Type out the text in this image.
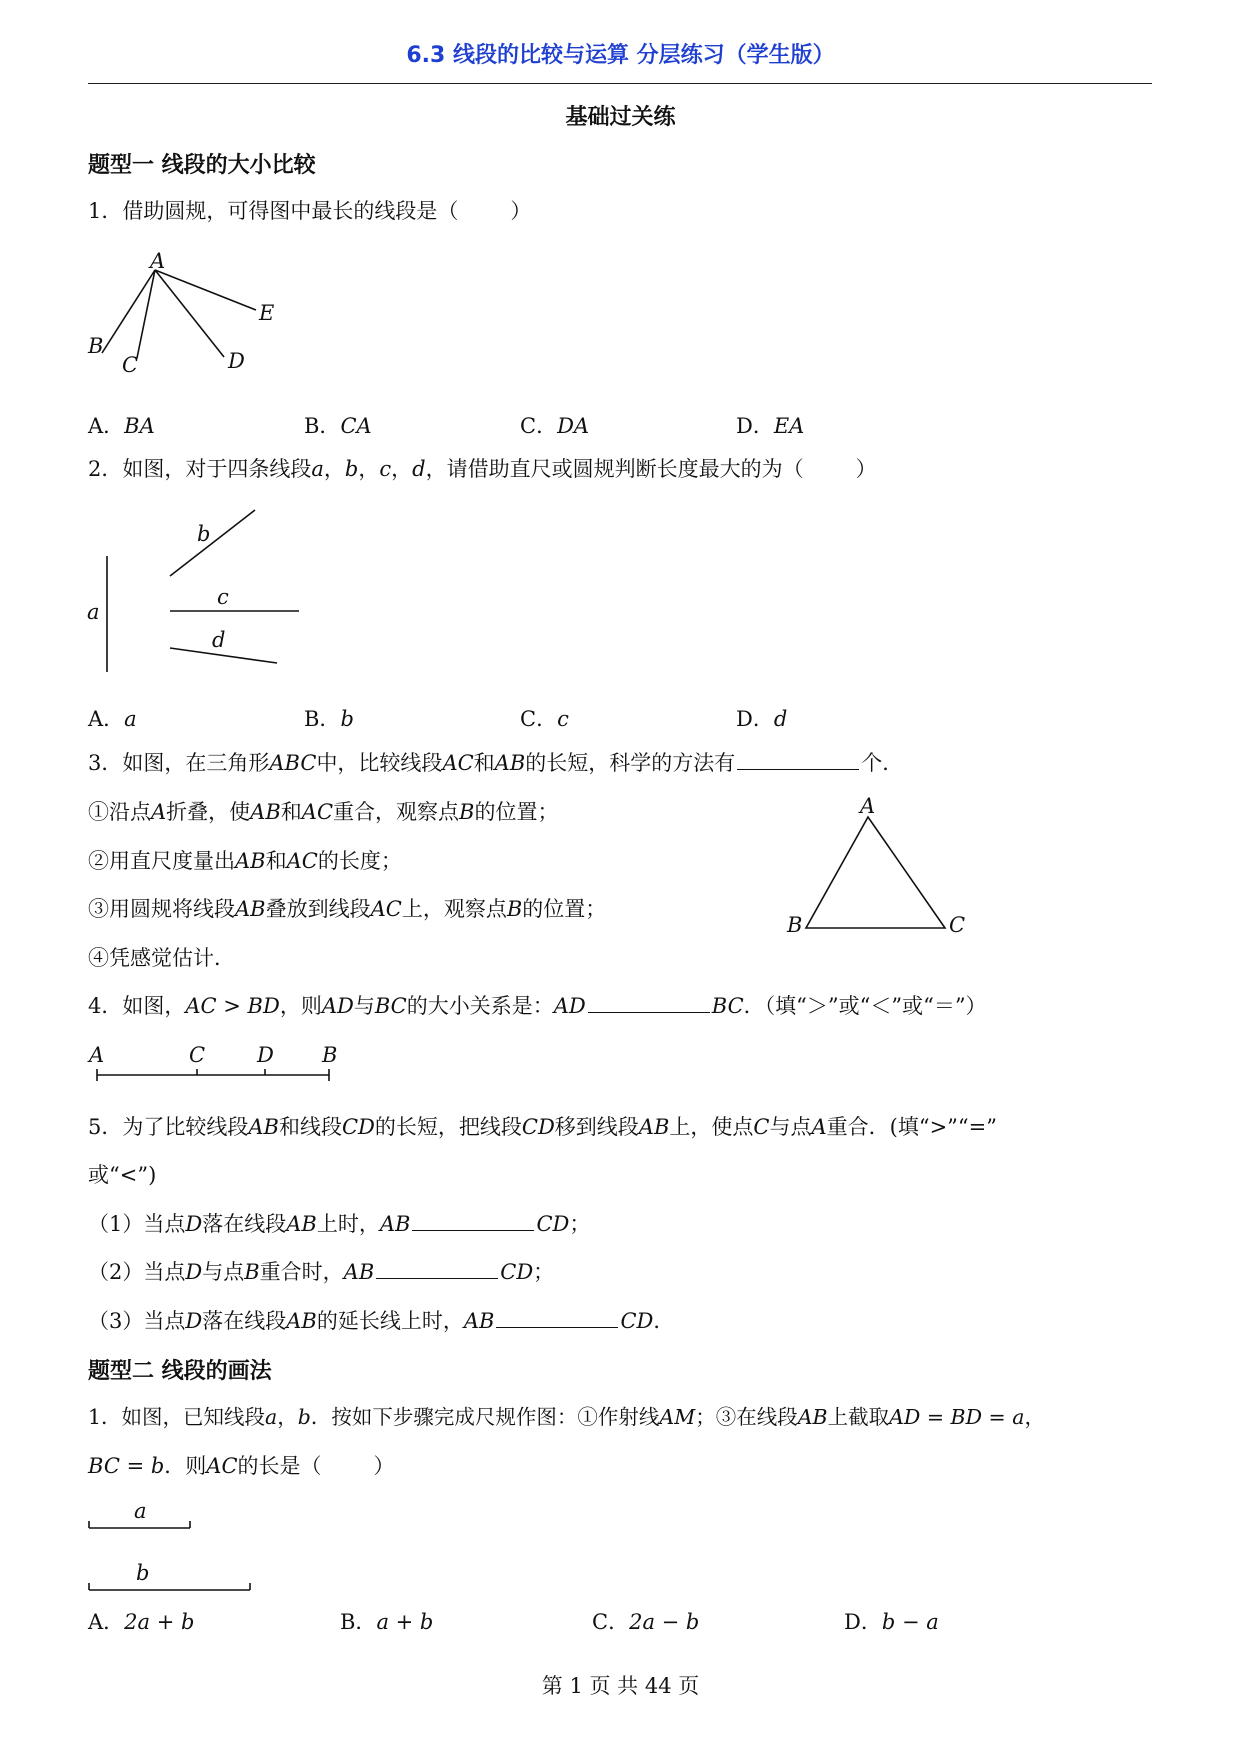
6.3 线段的比较与运算 分层练习（学生版）
基础过关练
题型一 线段的大小比较
1．借助圆规，可得图中最长的线段是（ ）
A
B
C	D
E
A．BA	B．CA	C．DA	D．EA
2．如图，对于四条线段a，b，c，d，请借助直尺或圆规判断长度最大的为（ ）
a
b
c
d
A．a	B．b	C．c	D．d
3．如图，在三角形ABC中，比较线段AC和AB的长短，科学的方法有	个．
①沿点A折叠，使AB和AC重合，观察点B的位置；
②用直尺度量出AB和AC的长度；
③用圆规将线段AB叠放到线段AC上，观察点B的位置；
④凭感觉估计．
A
B	C
4．如图，AC > BD，则AD与BC的大小关系是：AD	BC．（填“＞”或“＜”或“＝”）
A	C D B
5．为了比较线段AB和线段CD的长短，把线段CD移到线段AB上，使点C与点A重合．(填“>”“=”
或“<”)
（1）当点D落在线段AB上时，AB	CD；
（2）当点D与点B重合时，AB	CD；
（3）当点D落在线段AB的延长线上时，AB	CD．
题型二 线段的画法
1．如图，已知线段a，b．按如下步骤完成尺规作图：①作射线AM；③在线段AB上截取AD = BD = a，
BC = b．则AC的长是（ ）
a
b
A．2a + b	B．a + b	C．2a − b	D．b − a
第 1 页 共 44 页
